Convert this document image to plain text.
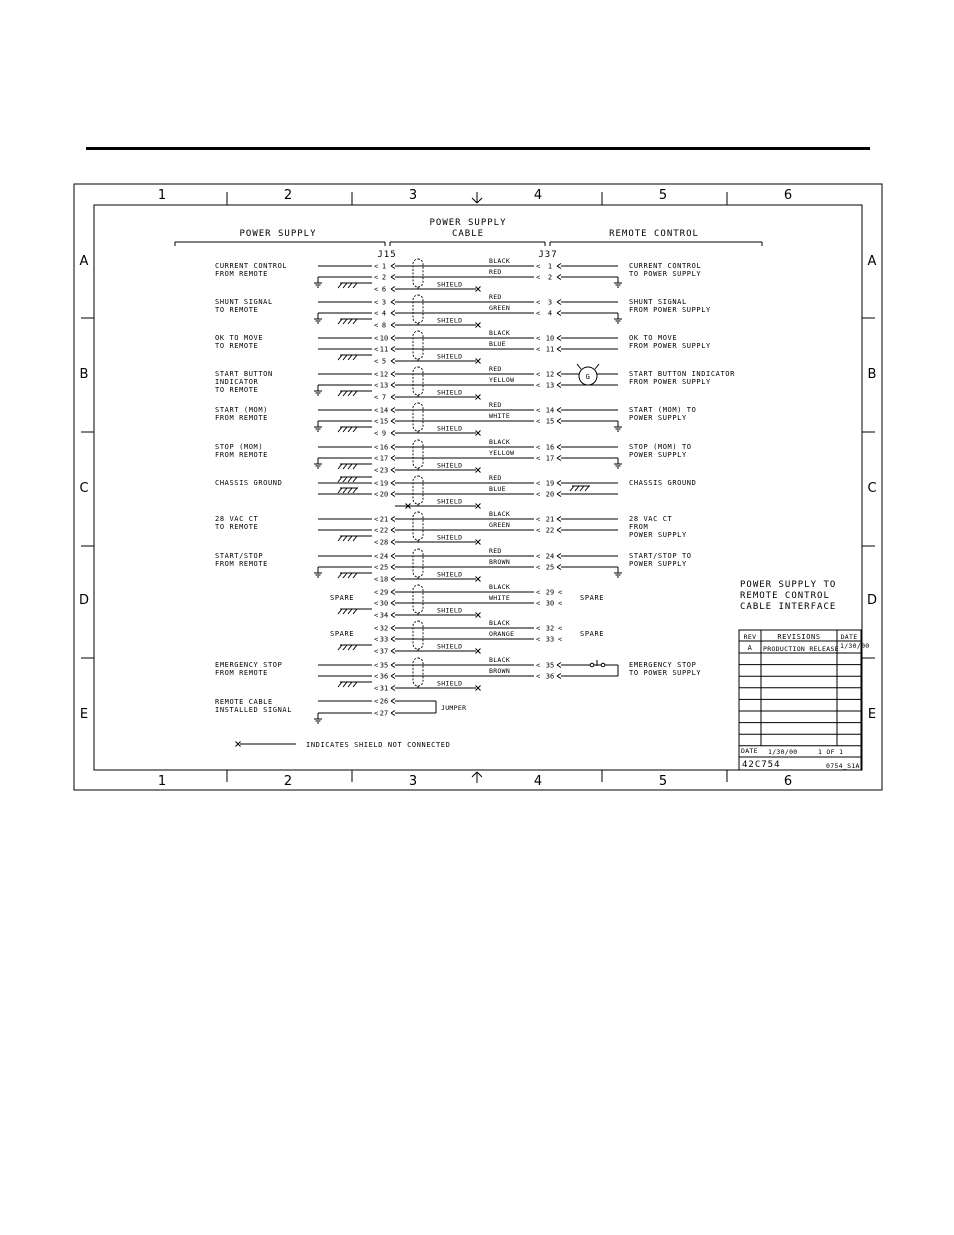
1
1
2
2
3
3
4
4
5
5
6
6
A	A
B	B
C	C
D	D
E	E
POWER SUPPLY
POWER SUPPLY
CABLE	REMOTE CONTROL
J15	J37
CURRENT CONTROL
FROM REMOTE
CURRENT CONTROL
TO POWER SUPPLY
< 1
BLACK
< 1
< 2
RED
< 2
SHIELD
< 6
SHUNT SIGNAL
TO REMOTE
SHUNT SIGNAL
FROM POWER SUPPLY
< 3
RED
< 3
< 4
GREEN
< 4
SHIELD
< 8
OK TO MOVE
TO REMOTE
OK TO MOVE
FROM POWER SUPPLY
< 10
BLACK
< 10
< 11
BLUE
< 11
SHIELD
< 5
START BUTTON
INDICATOR
TO REMOTE
START BUTTON INDICATOR
FROM POWER SUPPLY
< 12
RED
< 12
< 13
YELLOW
< 13
G
SHIELD
< 7
START (MOM)
FROM REMOTE
START (MOM) TO
POWER SUPPLY
< 14
RED
< 14
< 15
WHITE
< 15
SHIELD
< 9
STOP (MOM)
FROM REMOTE
STOP (MOM) TO
POWER SUPPLY
< 16
BLACK
< 16
< 17
YELLOW
< 17
SHIELD
< 23
CHASSIS GROUND	CHASSIS GROUND
< 19
RED
< 19
< 20
BLUE
< 20
SHIELD
28 VAC CT
TO REMOTE
28 VAC CT
FROM
POWER SUPPLY
< 21
BLACK
< 21
< 22
GREEN
< 22
SHIELD
< 28
START/STOP
FROM REMOTE
START/STOP TO
POWER SUPPLY
< 24
RED
< 24
< 25
BROWN
< 25
SHIELD
< 18
SPARE	SPARE
< 29
BLACK
< 29 <
< 30
WHITE
< 30 <
SHIELD
< 34
SPARE	SPARE
< 32
BLACK
< 32 <
< 33
ORANGE
< 33 <
SHIELD
< 37
EMERGENCY STOP
FROM REMOTE
EMERGENCY STOP
TO POWER SUPPLY
< 35
BLACK
< 35
< 36
BROWN
< 36
SHIELD
< 31
REMOTE CABLE
INSTALLED SIGNAL
< 26
< 27
JUMPER
INDICATES SHIELD NOT CONNECTED
POWER SUPPLY TO
REMOTE CONTROL
CABLE INTERFACE
REV	REVISIONS	DATE
A PRODUCTION RELEASE 1/30/00
DATE 1/30/00	1 OF 1
42C754	0754_S1A
